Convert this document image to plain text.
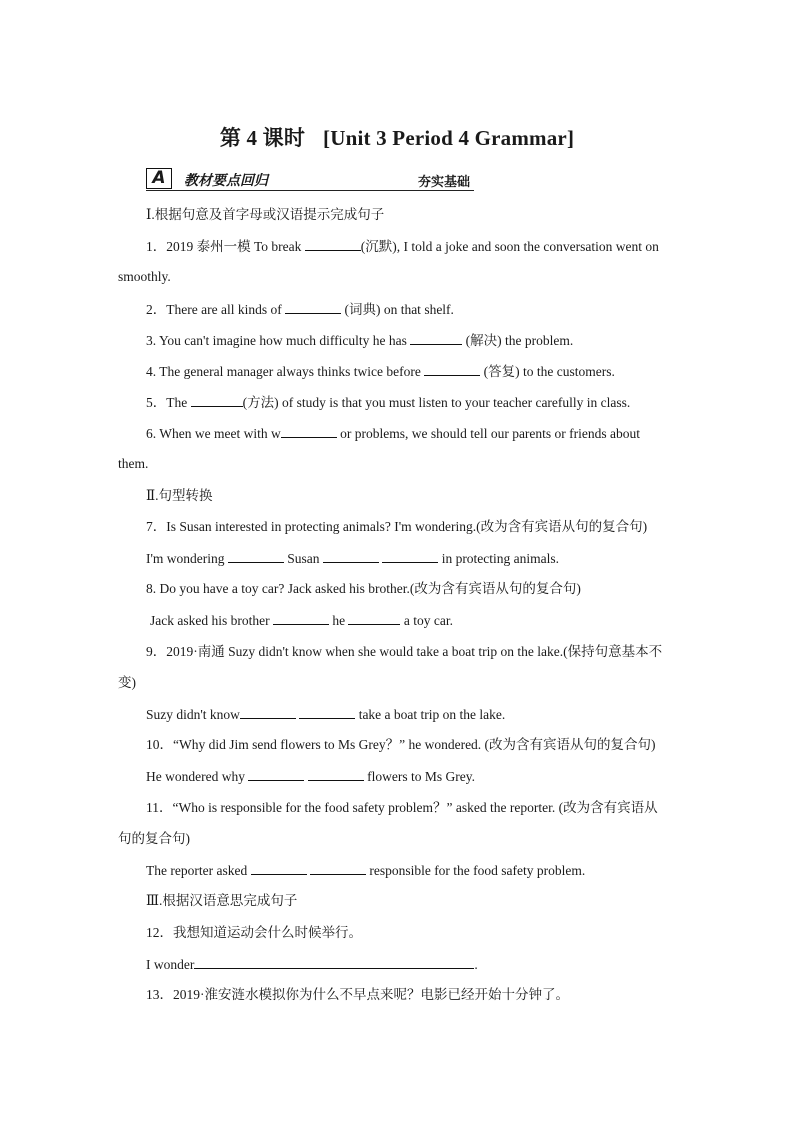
第 4 课时 [Unit 3 Period 4 Grammar]
A	教材要点回归	夯实基础
Ⅰ.根据句意及首字母或汉语提示完成句子
1．2019 泰州一模 To break	(沉默), I told a joke and soon the conversation went on
smoothly.
2．There are all kinds of	(词典) on that shelf.
3. You can't imagine how much difficulty he has	(解决) the problem.
4. The general manager always thinks twice before	(答复) to the customers.
5．The	(方法) of study is that you must listen to your teacher carefully in class.
6. When we meet with w	or problems, we should tell our parents or friends about
them.
Ⅱ.句型转换
7．Is Susan interested in protecting animals? I'm wondering.(改为含有宾语从句的复合句)
I'm wondering	Susan	in protecting animals.
8. Do you have a toy car? Jack asked his brother.(改为含有宾语从句的复合句)
Jack asked his brother	he	a toy car.
9．2019·南通 Suzy didn't know when she would take a boat trip on the lake.(保持句意基本不
变)
Suzy didn't know	take a boat trip on the lake.
10．“Why did Jim send flowers to Ms Grey？” he wondered. (改为含有宾语从句的复合句)
He wondered why	flowers to Ms Grey.
11．“Who is responsible for the food safety problem？” asked the reporter. (改为含有宾语从
句的复合句)
The reporter asked	responsible for the food safety problem.
Ⅲ.根据汉语意思完成句子
12．我想知道运动会什么时候举行。
I wonder	.
13．2019·淮安涟水模拟你为什么不早点来呢？电影已经开始十分钟了。
